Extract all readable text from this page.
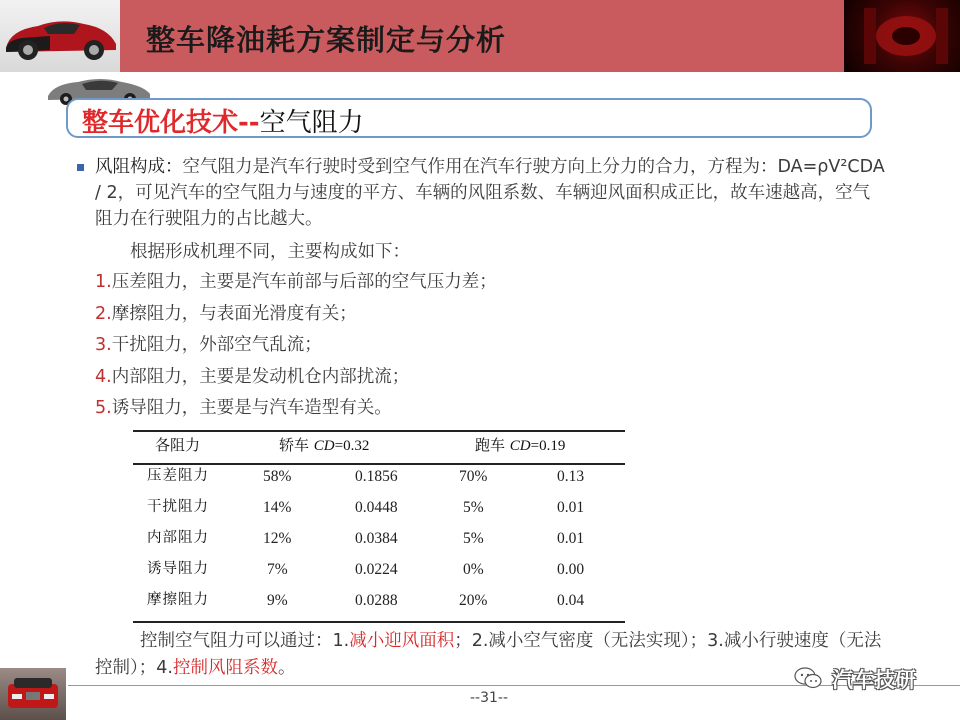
整车降油耗方案制定与分析
整车优化技术--空气阻力
风阻构成：空气阻力是汽车行驶时受到空气作用在汽车行驶方向上分力的合力，方程为：DA=ρV²CDA / 2，可见汽车的空气阻力与速度的平方、车辆的风阻系数、车辆迎风面积成正比，故车速越高，空气阻力在行驶阻力的占比越大。
根据形成机理不同，主要构成如下：
1.压差阻力，主要是汽车前部与后部的空气压力差；
2.摩擦阻力，与表面光滑度有关；
3.干扰阻力，外部空气乱流；
4.内部阻力，主要是发动机仓内部扰流；
5.诱导阻力，主要是与汽车造型有关。
各阻力	轿车 CD=0.32	跑车 CD=0.19
压差阻力	58%	0.1856	70%	0.13
干扰阻力	14%	0.0448	5%	0.01
内部阻力	12%	0.0384	5%	0.01
诱导阻力	7%	0.0224	0%	0.00
摩擦阻力	9%	0.0288	20%	0.04
控制空气阻力可以通过：1.减小迎风面积；2.减小空气密度（无法实现）；3.减小行驶速度（无法控制）；4.控制风阻系数。
--31--
汽车技研
